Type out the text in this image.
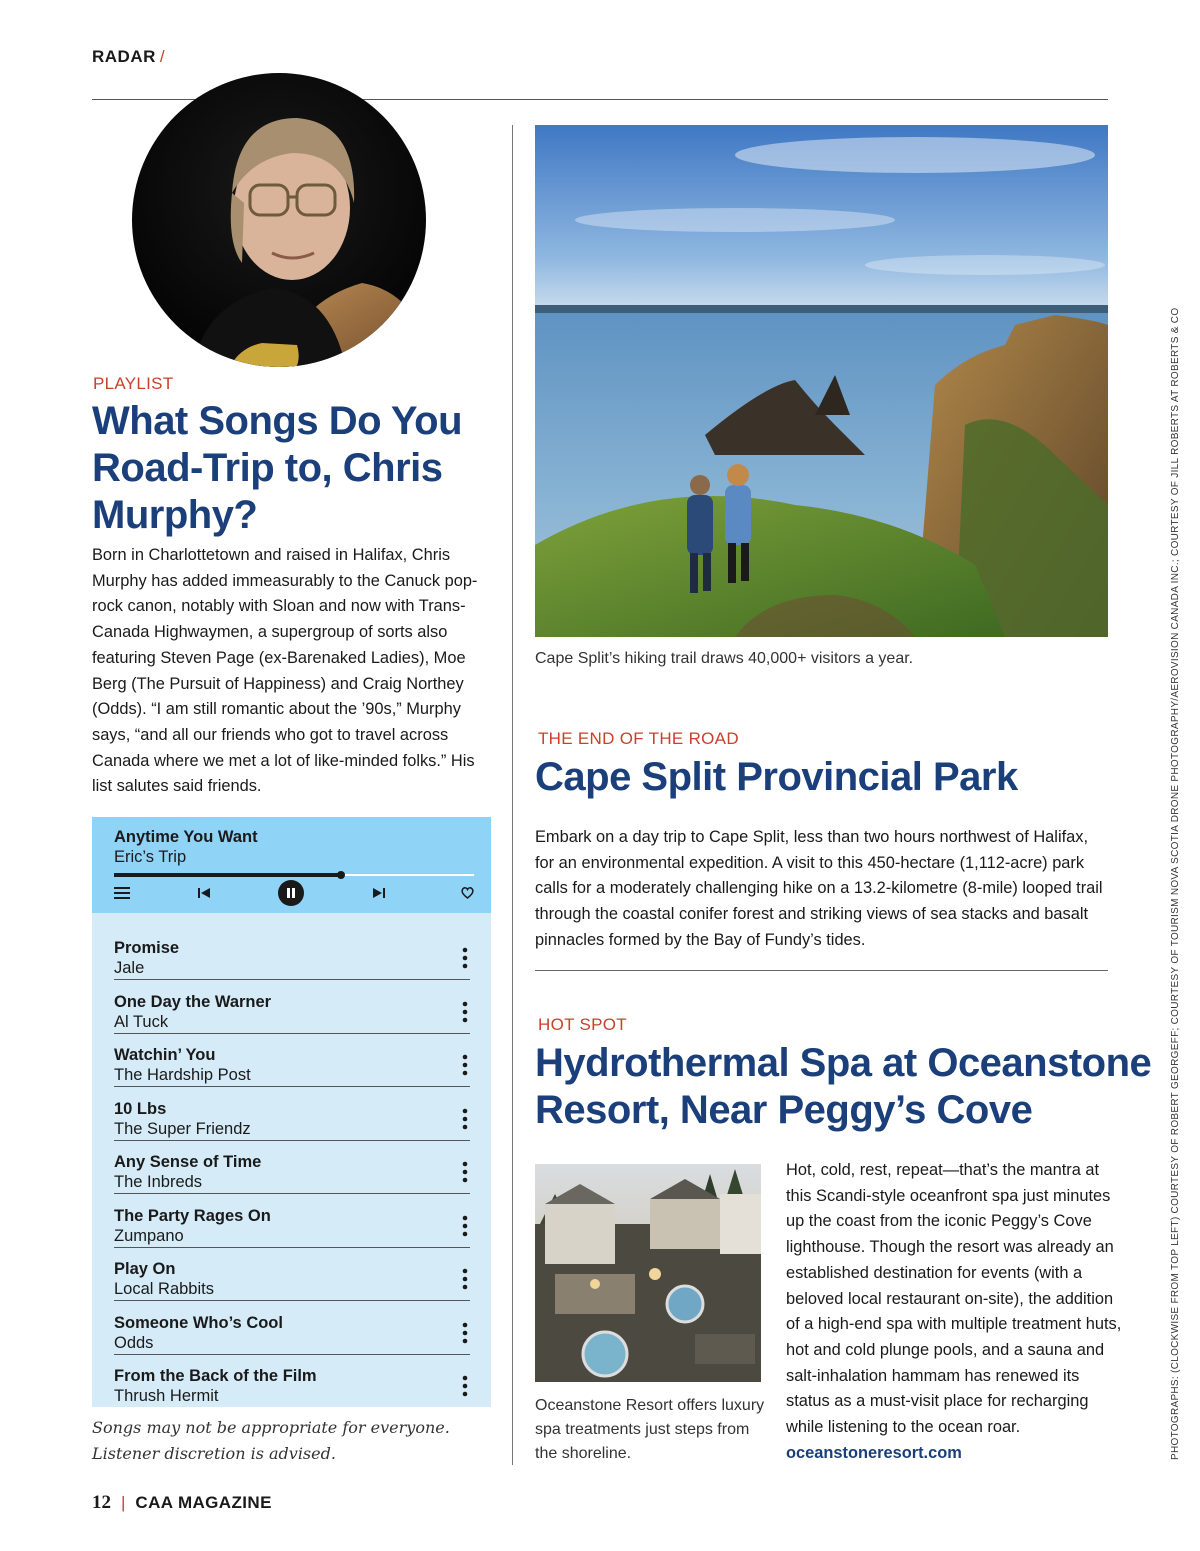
RADAR /
PLAYLIST
What Songs Do You Road-Trip to, Chris Murphy?
Born in Charlottetown and raised in Halifax, Chris Murphy has added immeasurably to the Canuck pop-rock canon, notably with Sloan and now with Trans-Canada Highwaymen, a supergroup of sorts also featuring Steven Page (ex-Barenaked Ladies), Moe Berg (The Pursuit of Happiness) and Craig Northey (Odds). “I am still romantic about the ’90s,” Murphy says, “and all our friends who got to travel across Canada where we met a lot of like-minded folks.” His list salutes said friends.
Anytime You Want
Eric’s Trip
Promise
Jale
One Day the Warner
Al Tuck
Watchin’ You
The Hardship Post
10 Lbs
The Super Friendz
Any Sense of Time
The Inbreds
The Party Rages On
Zumpano
Play On
Local Rabbits
Someone Who’s Cool
Odds
From the Back of the Film
Thrush Hermit
Songs may not be appropriate for everyone. Listener discretion is advised.
12 | CAA MAGAZINE
Cape Split’s hiking trail draws 40,000+ visitors a year.
THE END OF THE ROAD
Cape Split Provincial Park
Embark on a day trip to Cape Split, less than two hours northwest of Halifax, for an environmental expedition. A visit to this 450-hectare (1,112-acre) park calls for a moderately challenging hike on a 13.2-kilometre (8-mile) looped trail through the coastal conifer forest and striking views of sea stacks and basalt pinnacles formed by the Bay of Fundy’s tides.
HOT SPOT
Hydrothermal Spa at Oceanstone Resort, Near Peggy’s Cove
Oceanstone Resort offers luxury spa treatments just steps from the shoreline.
Hot, cold, rest, repeat—that’s the mantra at this Scandi-style oceanfront spa just minutes up the coast from the iconic Peggy’s Cove lighthouse. Though the resort was already an established destination for events (with a beloved local restaurant on-site), the addition of a high-end spa with multiple treatment huts, hot and cold plunge pools, and a sauna and salt-inhalation hammam has renewed its status as a must-visit place for recharging while listening to the ocean roar. oceanstoneresort.com	PHOTOGRAPHS: (CLOCKWISE FROM TOP LEFT) COURTESY OF ROBERT GEORGEFF; COURTESY OF TOURISM NOVA SCOTIA DRONE PHOTOGRAPHY/AEROVISION CANADA INC.; COURTESY OF JILL ROBERTS AT ROBERTS & CO
